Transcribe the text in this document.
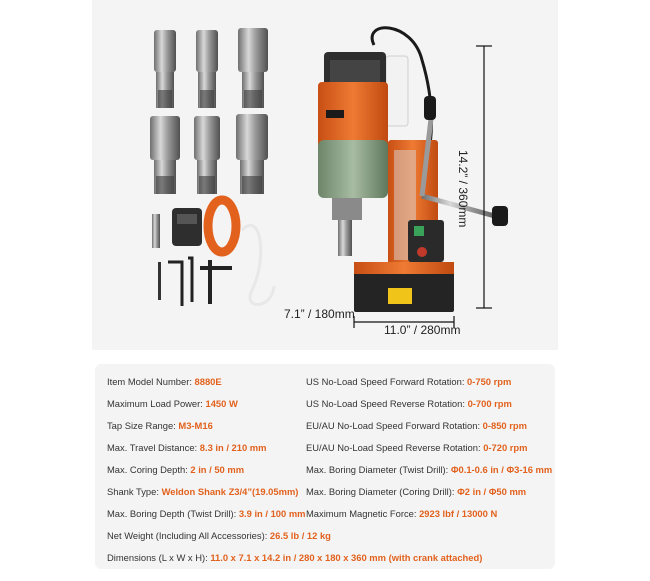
14.2” / 360mm
7.1” / 180mm
11.0” / 280mm
Item Model Number: 8880E
Maximum Load Power: 1450 W
Tap Size Range: M3-M16
Max. Travel Distance: 8.3 in / 210 mm
Max. Coring Depth: 2 in / 50 mm
Shank Type: Weldon Shank Z3/4”(19.05mm)
Max. Boring Depth (Twist Drill): 3.9 in / 100 mm
US No-Load Speed Forward Rotation: 0-750 rpm
US No-Load Speed Reverse Rotation: 0-700 rpm
EU/AU No-Load Speed Forward Rotation: 0-850 rpm
EU/AU No-Load Speed Reverse Rotation: 0-720 rpm
Max. Boring Diameter (Twist Drill): Φ0.1-0.6 in / Φ3-16 mm
Max. Boring Diameter (Coring Drill): Φ2 in / Φ50 mm
Maximum Magnetic Force: 2923 lbf / 13000 N
Net Weight (Including All Accessories): 26.5 lb / 12 kg
Dimensions (L x W x H): 11.0 x 7.1 x 14.2 in / 280 x 180 x 360 mm (with crank attached)
